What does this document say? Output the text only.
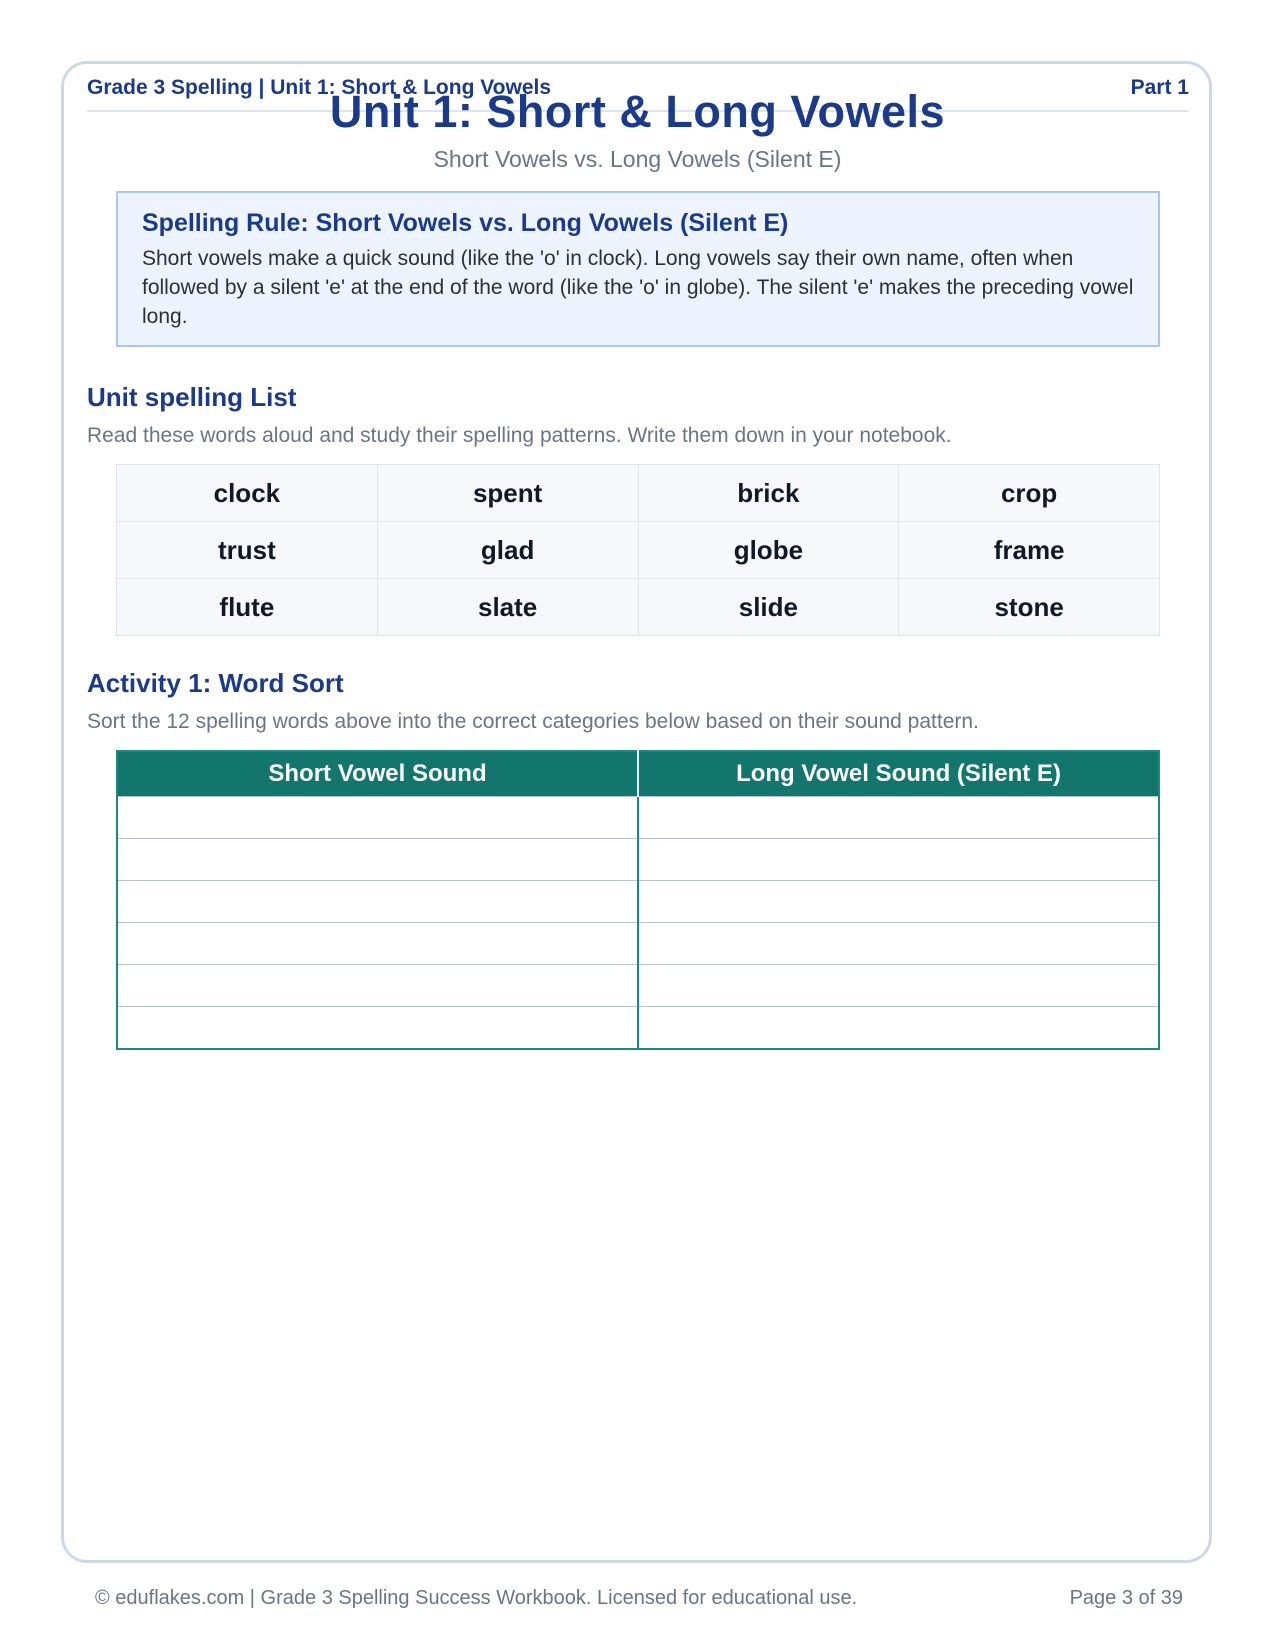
Grade 3 Spelling | Unit 1: Short & Long Vowels	Part 1
Unit 1: Short & Long Vowels
Short Vowels vs. Long Vowels (Silent E)

Spelling Rule: Short Vowels vs. Long Vowels (Silent E)

Short vowels make a quick sound (like the 'o' in clock). Long vowels say their own name, often when followed by a silent 'e' at the end of the word (like the 'o' in globe). The silent 'e' makes the preceding vowel long.

Unit spelling List
Read these words aloud and study their spelling patterns. Write them down in your notebook.
clock	spent	brick	crop
trust	glad	globe	frame
flute	slate	slide	stone
Activity 1: Word Sort
Sort the 12 spelling words above into the correct categories below based on their sound pattern.
Short Vowel Sound	Long Vowel Sound (Silent E)

© eduflakes.com | Grade 3 Spelling Success Workbook. Licensed for educational use.	Page 3 of 39
